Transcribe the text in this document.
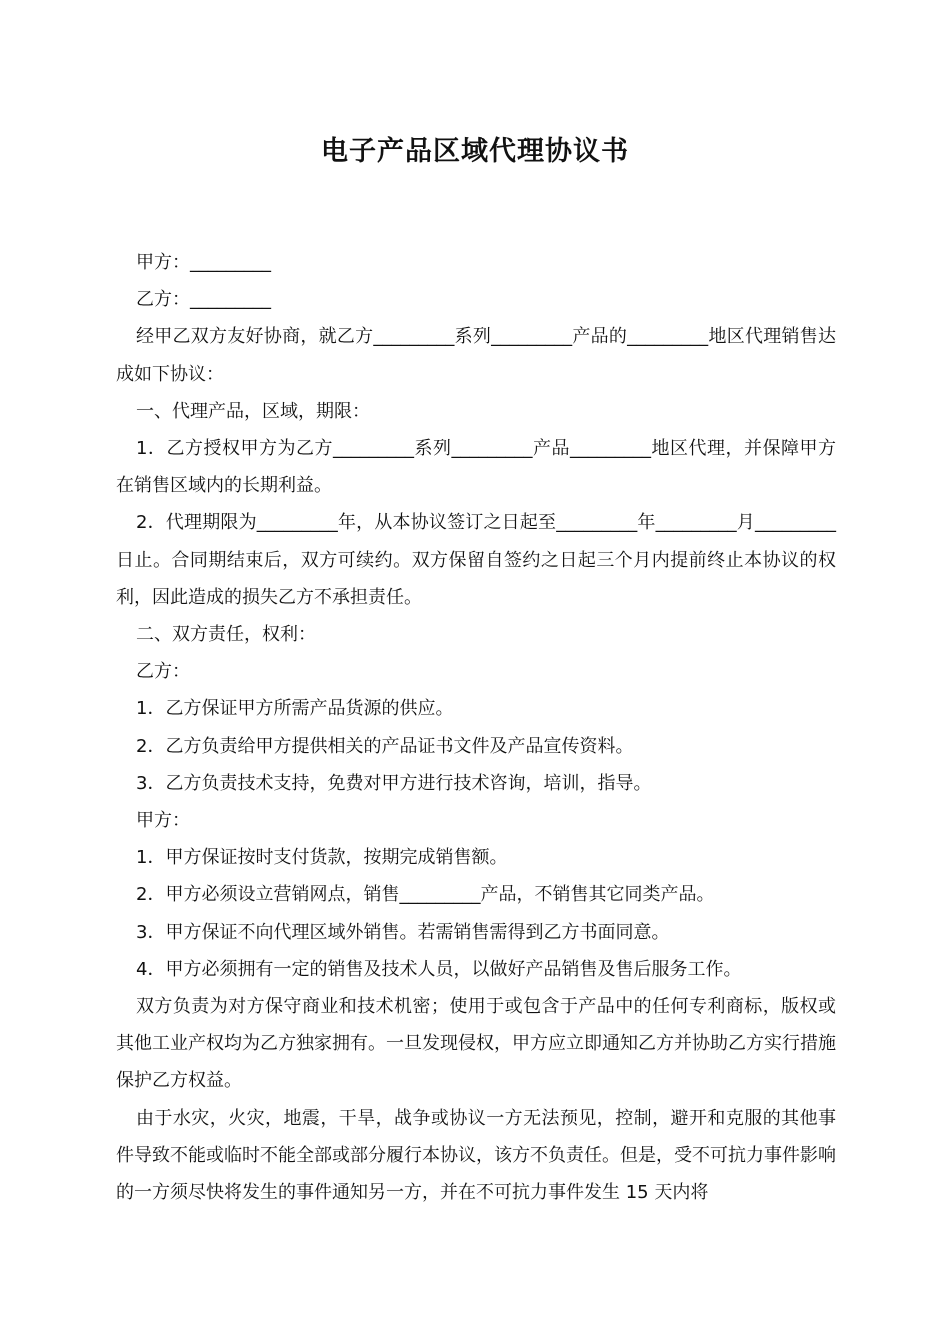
电子产品区域代理协议书

甲方：_________

乙方：_________

经甲乙双方友好协商，就乙方_________系列_________产品的_________地区代理销售达成如下协议：

一、代理产品，区域，期限：

1．乙方授权甲方为乙方_________系列_________产品_________地区代理，并保障甲方在销售区域内的长期利益。

2．代理期限为_________年，从本协议签订之日起至_________年_________月_________日止。合同期结束后，双方可续约。双方保留自签约之日起三个月内提前终止本协议的权利，因此造成的损失乙方不承担责任。

二、双方责任，权利：

乙方：

1．乙方保证甲方所需产品货源的供应。

2．乙方负责给甲方提供相关的产品证书文件及产品宣传资料。

3．乙方负责技术支持，免费对甲方进行技术咨询，培训，指导。

甲方：

1．甲方保证按时支付货款，按期完成销售额。

2．甲方必须设立营销网点，销售_________产品，不销售其它同类产品。

3．甲方保证不向代理区域外销售。若需销售需得到乙方书面同意。

4．甲方必须拥有一定的销售及技术人员，以做好产品销售及售后服务工作。

双方负责为对方保守商业和技术机密；使用于或包含于产品中的任何专利商标，版权或其他工业产权均为乙方独家拥有。一旦发现侵权，甲方应立即通知乙方并协助乙方实行措施保护乙方权益。

由于水灾，火灾，地震，干旱，战争或协议一方无法预见，控制，避开和克服的其他事件导致不能或临时不能全部或部分履行本协议，该方不负责任。但是，受不可抗力事件影响的一方须尽快将发生的事件通知另一方，并在不可抗力事件发生 15 天内将
